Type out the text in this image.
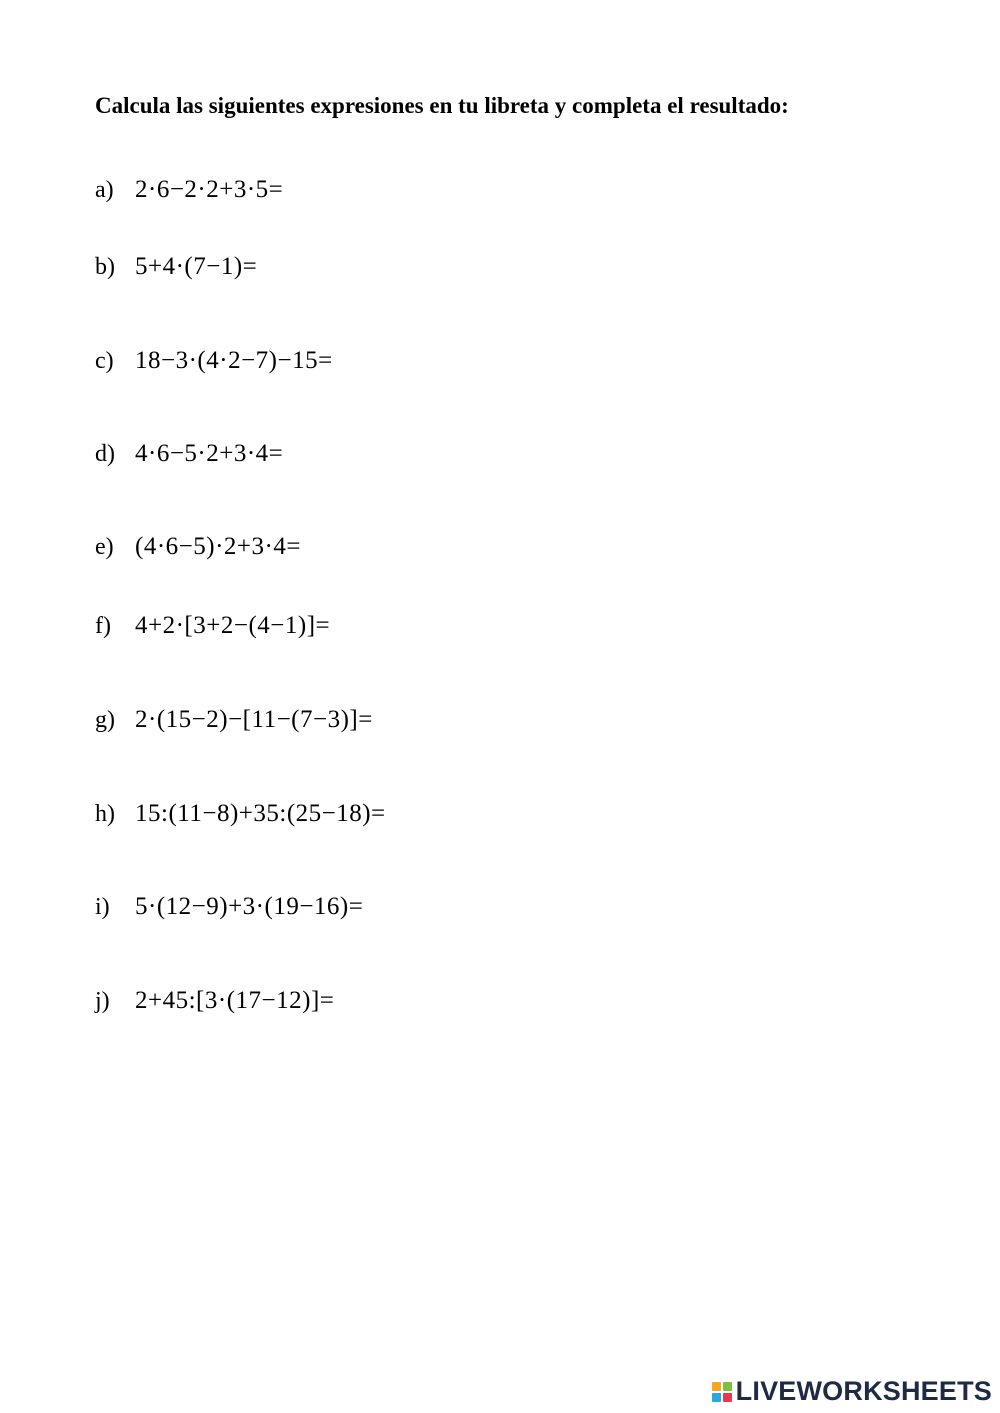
Calcula las siguientes expresiones en tu libreta y completa el resultado:
a) 2·6−2·2+3·5=
b) 5+4·(7−1)=
c) 18−3·(4·2−7)−15=
d) 4·6−5·2+3·4=
e) (4·6−5)·2+3·4=
f) 4+2·[3+2−(4−1)]=
g) 2·(15−2)−[11−(7−3)]=
h) 15:(11−8)+35:(25−18)=
i)	5·(12−9)+3·(19−16)=
j)	2+45:[3·(17−12)]=
LIVEWORKSHEETS
